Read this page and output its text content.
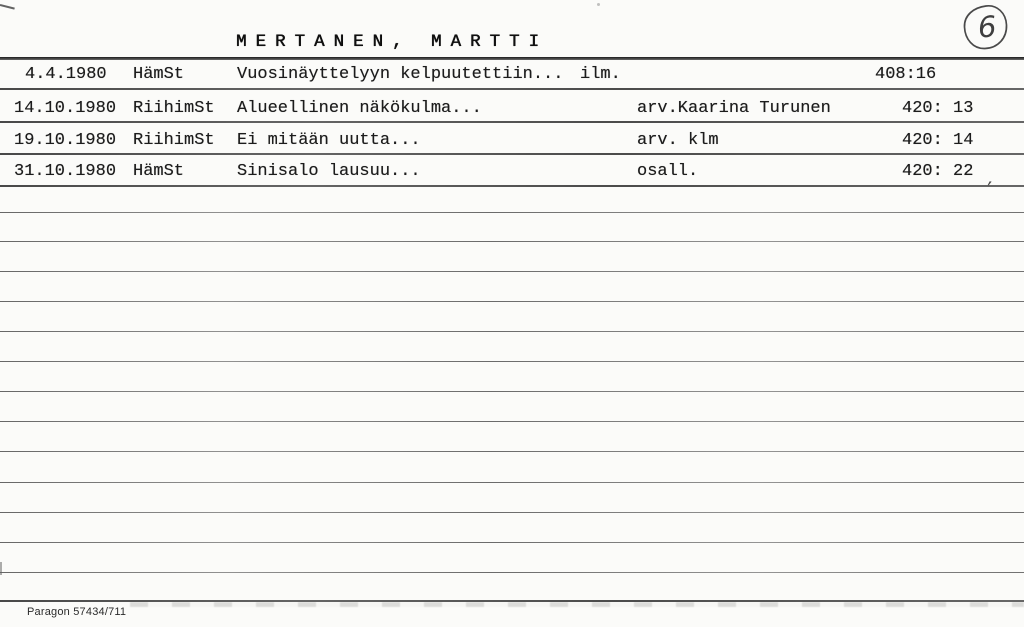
6
MERTANEN, MARTTI
4.4.1980 HämSt	Vuosinäyttelyyn kelpuutettiin... ilm.	408:16
14.10.1980 RiihimSt Alueellinen näkökulma...	arv.Kaarina Turunen	420: 13
19.10.1980 RiihimSt Ei mitään uutta...	arv. klm	420: 14
31.10.1980 HämSt	Sinisalo lausuu...	osall.	420: 22
’
Paragon 57434/711
